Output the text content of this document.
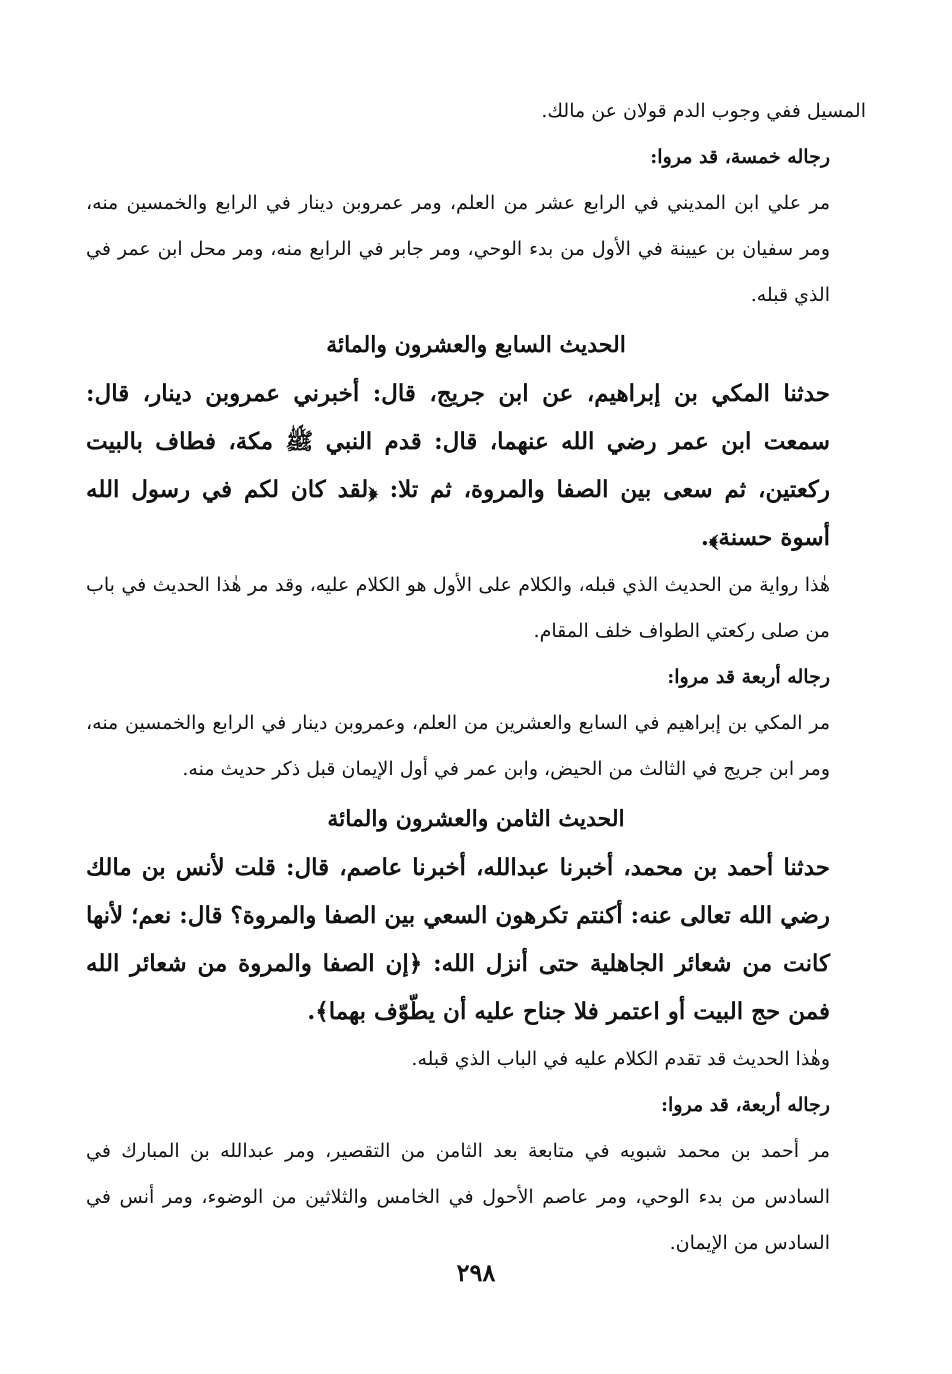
المسيل ففي وجوب الدم قولان عن مالك.

رجاله خمسة، قد مروا:

مر علي ابن المديني في الرابع عشر من العلم، ومر عمروبن دينار في الرابع والخمسين منه، ومر سفيان بن عيينة في الأول من بدء الوحي، ومر جابر في الرابع منه، ومر محل ابن عمر في الذي قبله.

الحديث السابع والعشرون والمائة

حدثنا المكي بن إبراهيم، عن ابن جريج، قال: أخبرني عمروبن دينار، قال: سمعت ابن عمر رضي الله عنهما، قال: قدم النبي ﷺ مكة، فطاف بالبيت ركعتين، ثم سعى بين الصفا والمروة، ثم تلا: ﴿لقد كان لكم في رسول الله أسوة حسنة﴾.

هٰذا رواية من الحديث الذي قبله، والكلام على الأول هو الكلام عليه، وقد مر هٰذا الحديث في باب من صلى ركعتي الطواف خلف المقام.

رجاله أربعة قد مروا:

مر المكي بن إبراهيم في السابع والعشرين من العلم، وعمروبن دينار في الرابع والخمسين منه، ومر ابن جريج في الثالث من الحيض، وابن عمر في أول الإيمان قبل ذكر حديث منه.

الحديث الثامن والعشرون والمائة

حدثنا أحمد بن محمد، أخبرنا عبدالله، أخبرنا عاصم، قال: قلت لأنس بن مالك رضي الله تعالى عنه: أكنتم تكرهون السعي بين الصفا والمروة؟ قال: نعم؛ لأنها كانت من شعائر الجاهلية حتى أنزل الله: ﴿إن الصفا والمروة من شعائر الله فمن حج البيت أو اعتمر فلا جناح عليه أن يطّوّف بهما﴾.

وهٰذا الحديث قد تقدم الكلام عليه في الباب الذي قبله.

رجاله أربعة، قد مروا:

مر أحمد بن محمد شبويه في متابعة بعد الثامن من التقصير، ومر عبدالله بن المبارك في السادس من بدء الوحي، ومر عاصم الأحول في الخامس والثلاثين من الوضوء، ومر أنس في السادس من الإيمان.

٢٩٨
